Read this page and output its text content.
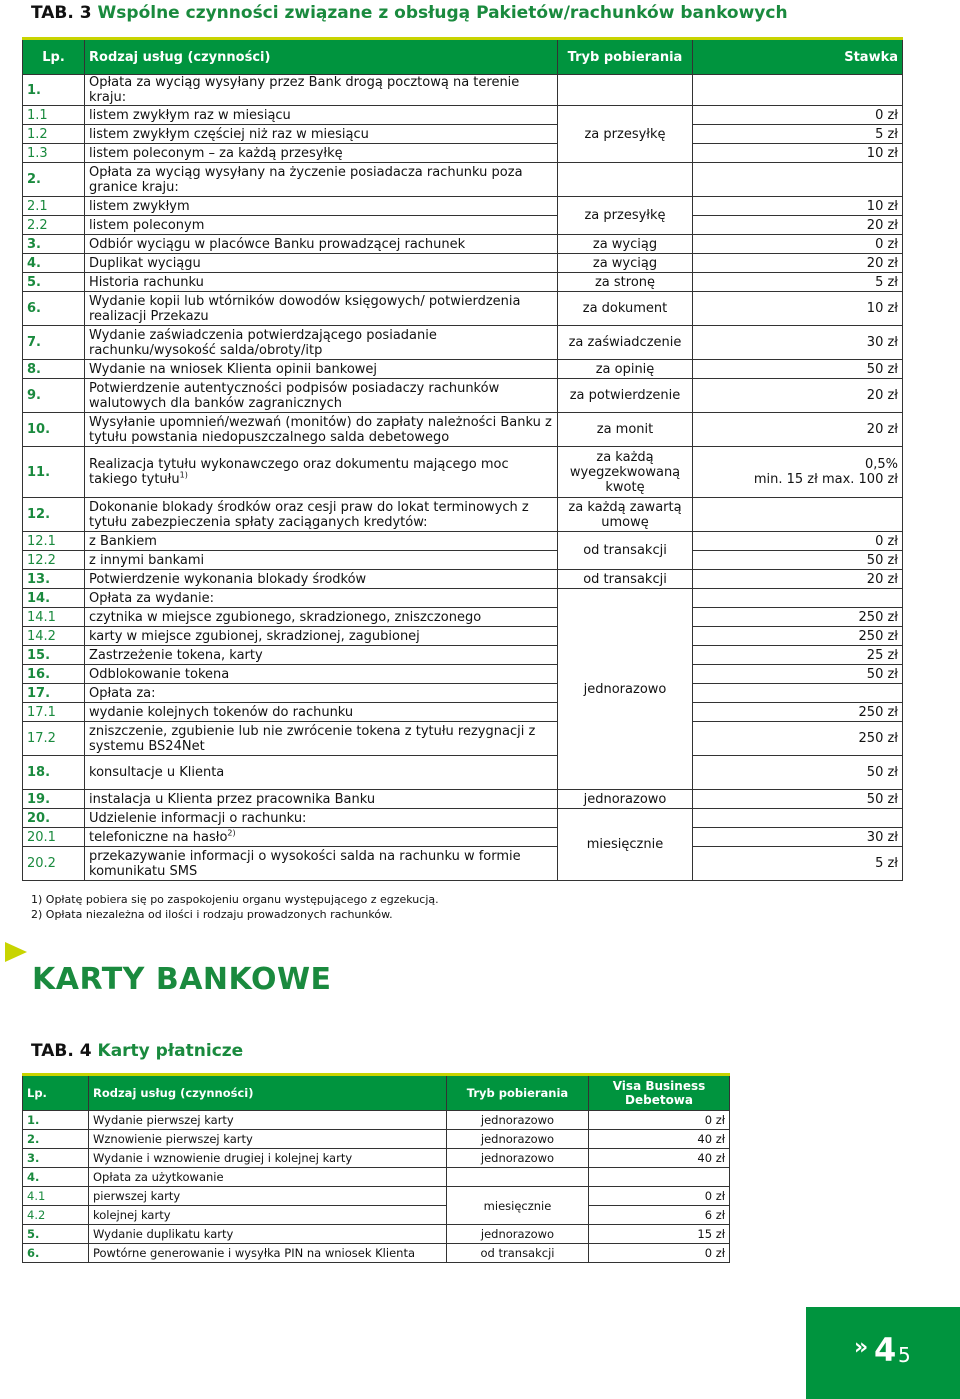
TAB. 3 Wspólne czynności związane z obsługą Pakietów/rachunków bankowych
Lp.	Rodzaj usług (czynności)	Tryb pobierania	Stawka
1.	Opłata za wyciąg wysyłany przez Bank drogą pocztową na terenie kraju:		
1.1	listem zwykłym raz w miesiącu	za przesyłkę	0 zł
1.2	listem zwykłym częściej niż raz w miesiącu		5 zł
1.3	listem poleconym – za każdą przesyłkę		10 zł
2.	Opłata za wyciąg wysyłany na życzenie posiadacza rachunku poza granice kraju:		
2.1	listem zwykłym	za przesyłkę	10 zł
2.2	listem poleconym		20 zł
3.	Odbiór wyciągu w placówce Banku prowadzącej rachunek	za wyciąg	0 zł
4.	Duplikat wyciągu	za wyciąg	20 zł
5.	Historia rachunku	za stronę	5 zł
6.	Wydanie kopii lub wtórników dowodów księgowych/ potwierdzenia realizacji Przekazu	za dokument	10 zł
7.	Wydanie zaświadczenia potwierdzającego posiadanie rachunku/wysokość salda/obroty/itp	za zaświadczenie	30 zł
8.	Wydanie na wniosek Klienta opinii bankowej	za opinię	50 zł
9.	Potwierdzenie autentyczności podpisów posiadaczy rachunków walutowych dla banków zagranicznych	za potwierdzenie	20 zł
10.	Wysyłanie upomnień/wezwań (monitów) do zapłaty należności Banku z tytułu powstania niedopuszczalnego salda debetowego	za monit	20 zł
11.	Realizacja tytułu wykonawczego oraz dokumentu mającego moc takiego tytułu$^{1)}$	za każdą wyegzekwowaną kwotę	0,5%
min. 15 zł max. 100 zł

12.	Dokonanie blokady środków oraz cesji praw do lokat terminowych z tytułu zabezpieczenia spłaty zaciąganych kredytów:	za każdą zawartą umowę	
12.1	z Bankiem	od transakcji	0 zł
12.2	z innymi bankami		50 zł
13.	Potwierdzenie wykonania blokady środków	od transakcji	20 zł
14.	Opłata za wydanie:	jednorazowo	
14.1	czytnika w miejsce zgubionego, skradzionego, zniszczonego		250 zł
14.2	karty w miejsce zgubionej, skradzionej, zagubionej		250 zł
15.	Zastrzeżenie tokena, karty		25 zł
16.	Odblokowanie tokena		50 zł
17.	Opłata za:		
17.1	wydanie kolejnych tokenów do rachunku		250 zł
17.2	zniszczenie, zgubienie lub nie zwrócenie tokena z tytułu rezygnacji z systemu BS24Net		250 zł
18.	konsultacje u Klienta		50 zł
19.	instalacja u Klienta przez pracownika Banku	jednorazowo	50 zł
20.	Udzielenie informacji o rachunku:	miesięcznie	
20.1	telefoniczne na hasło$^{2)}$		30 zł
20.2	przekazywanie informacji o wysokości salda na rachunku w formie komunikatu SMS		5 zł
1) Opłatę pobiera się po zaspokojeniu organu występującego z egzekucją.
2) Opłata niezależna od ilości i rodzaju prowadzonych rachunków.
KARTY BANKOWE
TAB. 4 Karty płatnicze
Lp.	Rodzaj usług (czynności)	Tryb pobierania	Visa Business Debetowa
1.	Wydanie pierwszej karty	jednorazowo	0 zł
2.	Wznowienie pierwszej karty	jednorazowo	40 zł
3.	Wydanie i wznowienie drugiej i kolejnej karty	jednorazowo	40 zł
4.	Opłata za użytkowanie		
4.1	pierwszej karty	miesięcznie	0 zł
4.2	kolejnej karty		6 zł
5.	Wydanie duplikatu karty	jednorazowo	15 zł
6.	Powtórne generowanie i wysyłka PIN na wniosek Klienta	od transakcji	0 zł
» 4 5
